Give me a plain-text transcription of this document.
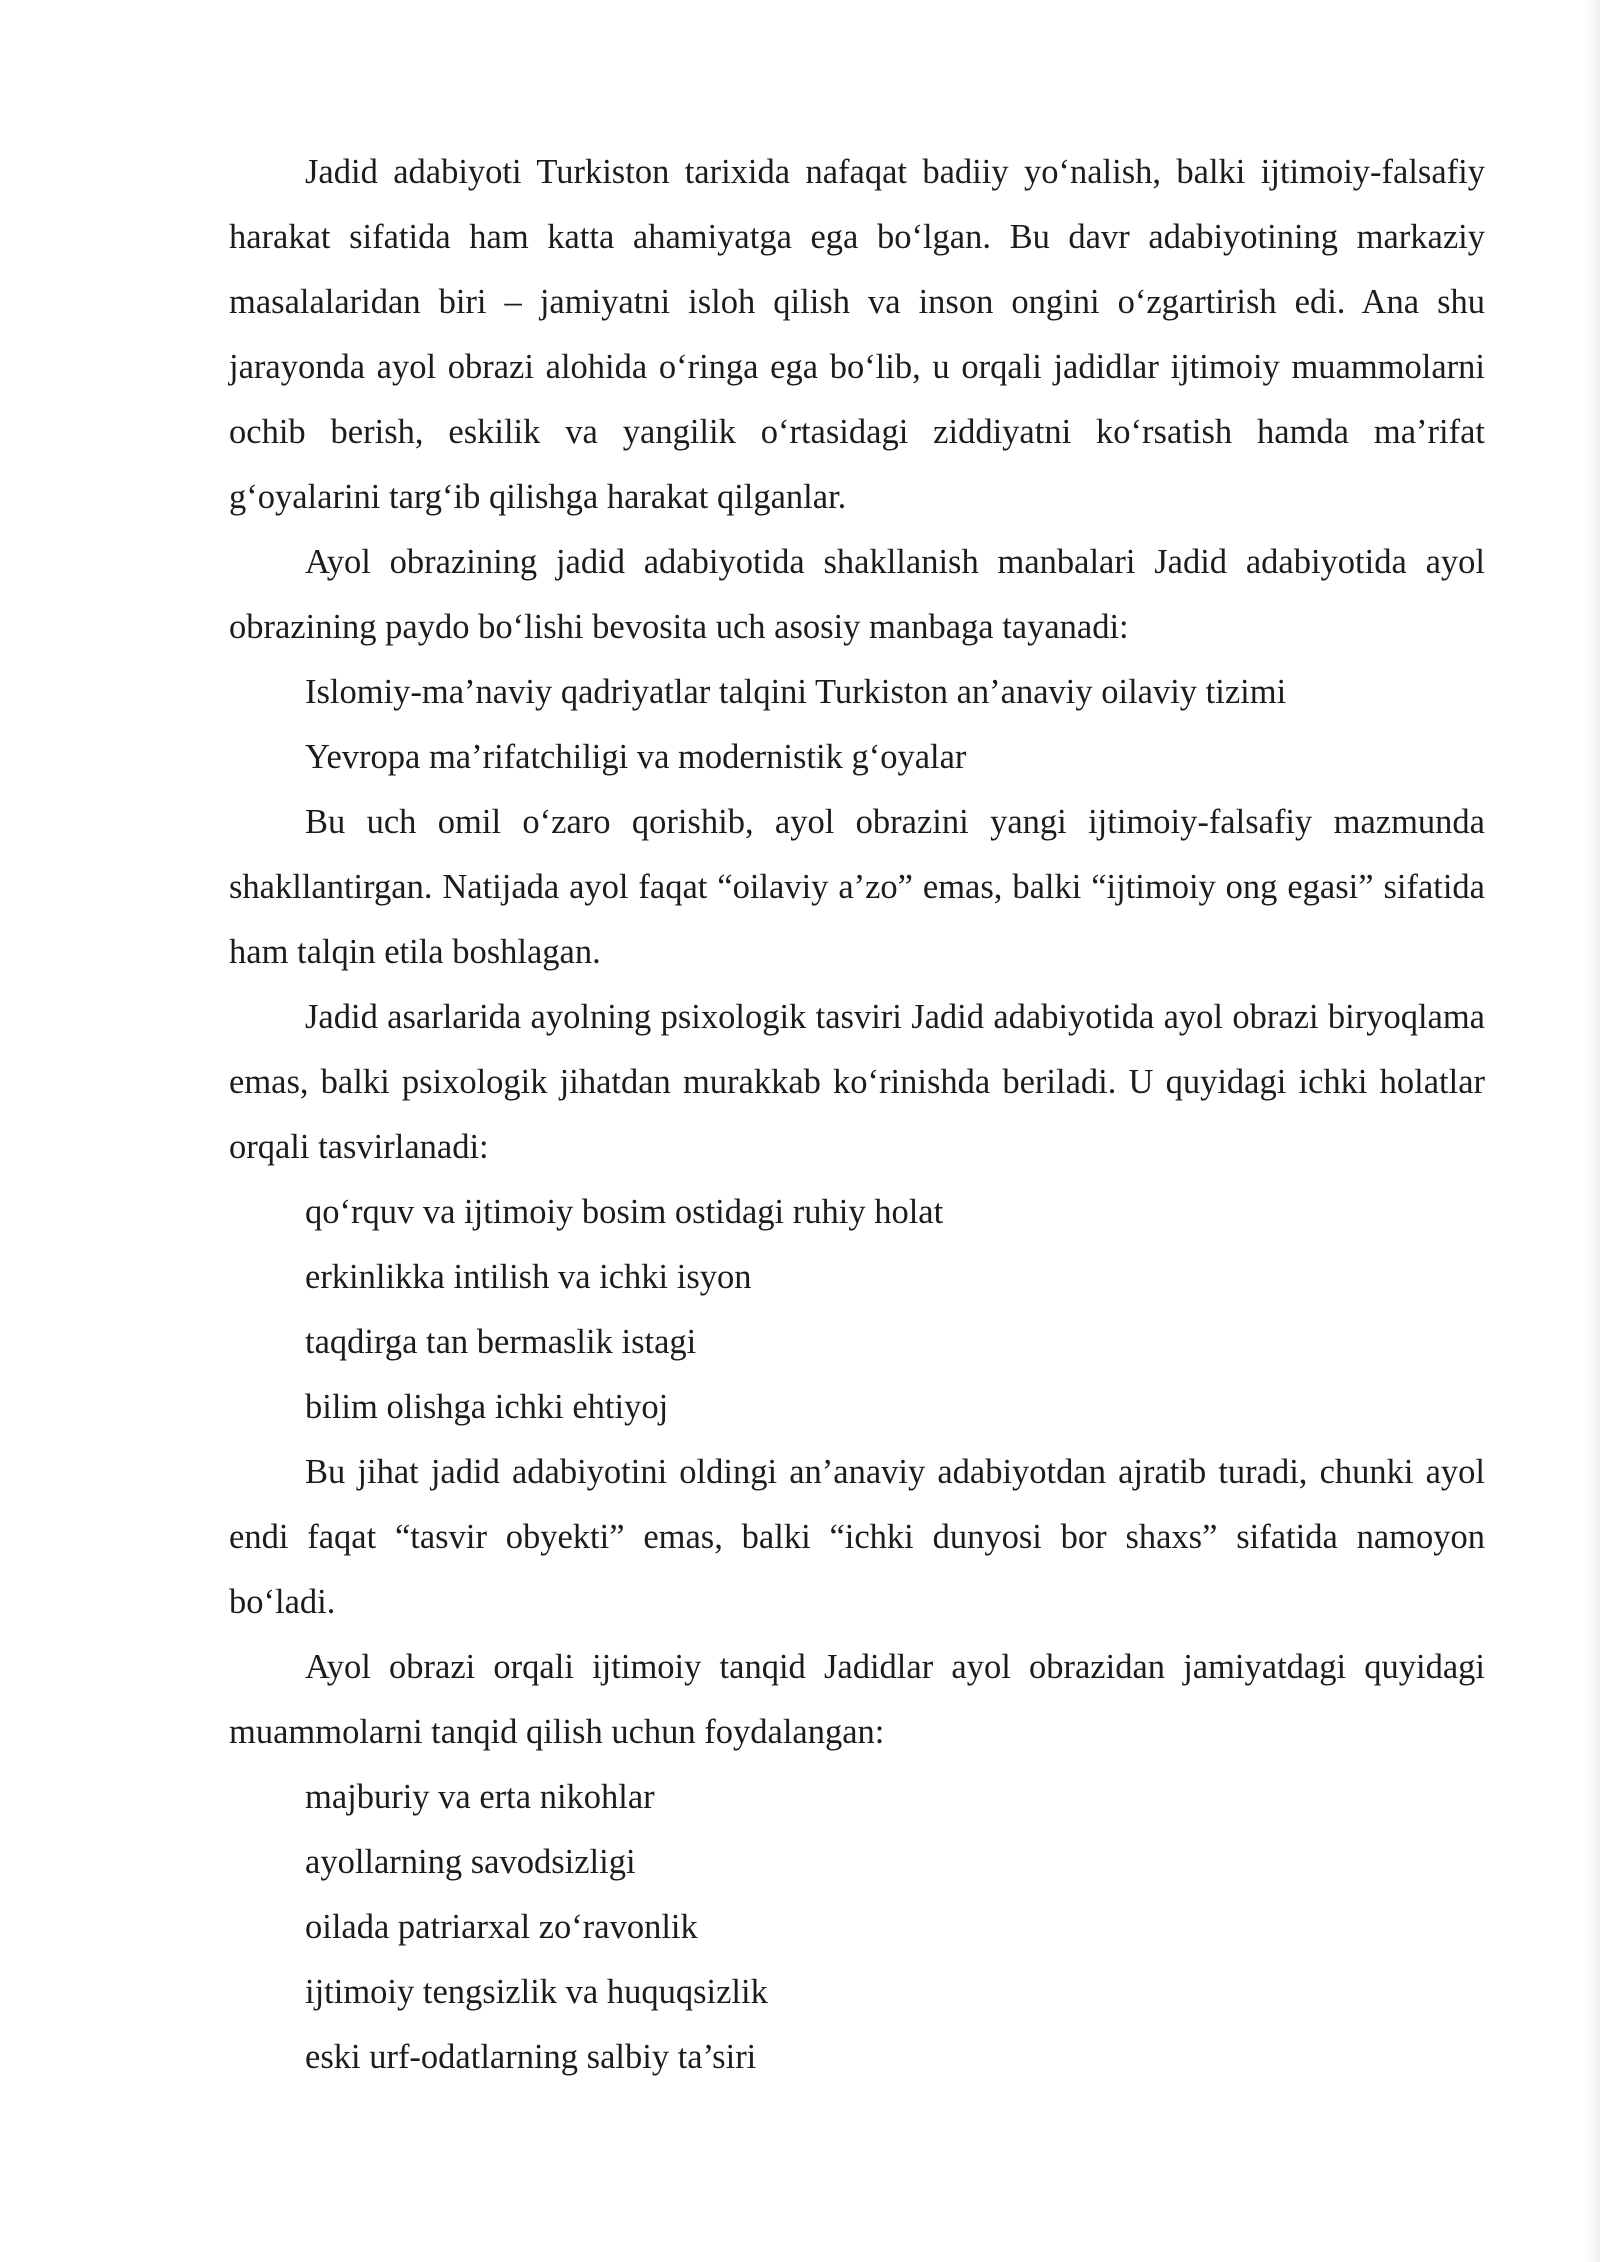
Jadid adabiyoti Turkiston tarixida nafaqat badiiy yo‘nalish, balki ijtimoiy-falsafiy harakat sifatida ham katta ahamiyatga ega bo‘lgan. Bu davr adabiyotining markaziy masalalaridan biri – jamiyatni isloh qilish va inson ongini o‘zgartirish edi. Ana shu jarayonda ayol obrazi alohida o‘ringa ega bo‘lib, u orqali jadidlar ijtimoiy muammolarni ochib berish, eskilik va yangilik o‘rtasidagi ziddiyatni ko‘rsatish hamda ma’rifat g‘oyalarini targ‘ib qilishga harakat qilganlar.

Ayol obrazining jadid adabiyotida shakllanish manbalari Jadid adabiyotida ayol obrazining paydo bo‘lishi bevosita uch asosiy manbaga tayanadi:

Islomiy-ma’naviy qadriyatlar talqini Turkiston an’anaviy oilaviy tizimi

Yevropa ma’rifatchiligi va modernistik g‘oyalar

Bu uch omil o‘zaro qorishib, ayol obrazini yangi ijtimoiy-falsafiy mazmunda shakllantirgan. Natijada ayol faqat “oilaviy a’zo” emas, balki “ijtimoiy ong egasi” sifatida ham talqin etila boshlagan.

Jadid asarlarida ayolning psixologik tasviri Jadid adabiyotida ayol obrazi biryoqlama emas, balki psixologik jihatdan murakkab ko‘rinishda beriladi. U quyidagi ichki holatlar orqali tasvirlanadi:

qo‘rquv va ijtimoiy bosim ostidagi ruhiy holat

erkinlikka intilish va ichki isyon

taqdirga tan bermaslik istagi

bilim olishga ichki ehtiyoj

Bu jihat jadid adabiyotini oldingi an’anaviy adabiyotdan ajratib turadi, chunki ayol endi faqat “tasvir obyekti” emas, balki “ichki dunyosi bor shaxs” sifatida namoyon bo‘ladi.

Ayol obrazi orqali ijtimoiy tanqid Jadidlar ayol obrazidan jamiyatdagi quyidagi muammolarni tanqid qilish uchun foydalangan:

majburiy va erta nikohlar

ayollarning savodsizligi

oilada patriarxal zo‘ravonlik

ijtimoiy tengsizlik va huquqsizlik

eski urf-odatlarning salbiy ta’siri
